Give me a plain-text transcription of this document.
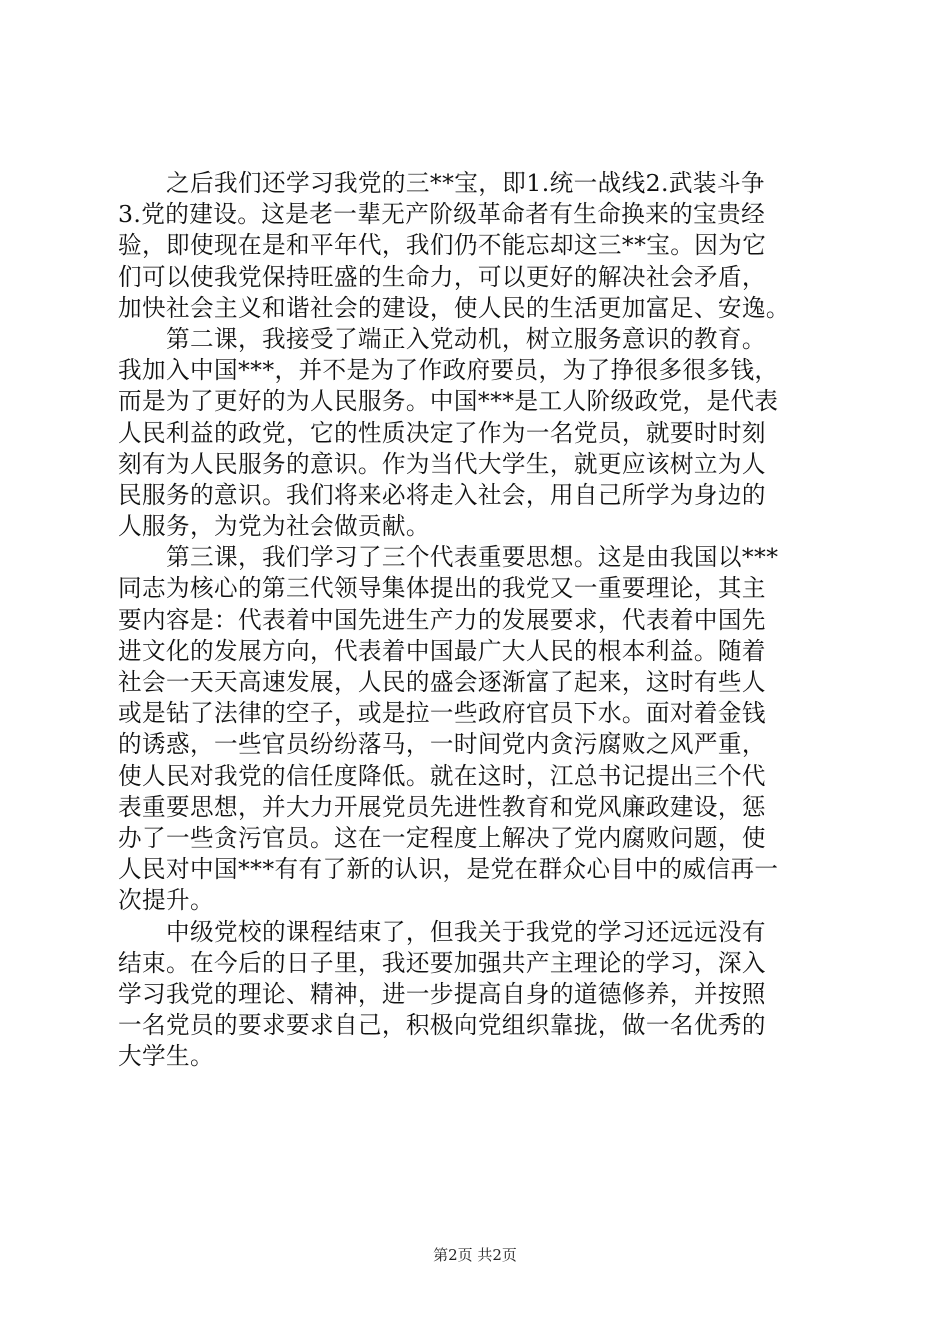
　　之后我们还学习我党的三**宝，即1.统一战线2.武装斗争
3.党的建设。这是老一辈无产阶级革命者有生命换来的宝贵经
验，即使现在是和平年代，我们仍不能忘却这三**宝。因为它
们可以使我党保持旺盛的生命力，可以更好的解决社会矛盾，
加快社会主义和谐社会的建设，使人民的生活更加富足、安逸。
　　第二课，我接受了端正入党动机，树立服务意识的教育。
我加入中国***，并不是为了作政府要员，为了挣很多很多钱，
而是为了更好的为人民服务。中国***是工人阶级政党，是代表
人民利益的政党，它的性质决定了作为一名党员，就要时时刻
刻有为人民服务的意识。作为当代大学生，就更应该树立为人
民服务的意识。我们将来必将走入社会，用自己所学为身边的
人服务，为党为社会做贡献。
　　第三课，我们学习了三个代表重要思想。这是由我国以***
同志为核心的第三代领导集体提出的我党又一重要理论，其主
要内容是：代表着中国先进生产力的发展要求，代表着中国先
进文化的发展方向，代表着中国最广大人民的根本利益。随着
社会一天天高速发展，人民的盛会逐渐富了起来，这时有些人
或是钻了法律的空子，或是拉一些政府官员下水。面对着金钱
的诱惑，一些官员纷纷落马，一时间党内贪污腐败之风严重，
使人民对我党的信任度降低。就在这时，江总书记提出三个代
表重要思想，并大力开展党员先进性教育和党风廉政建设，惩
办了一些贪污官员。这在一定程度上解决了党内腐败问题，使
人民对中国***有有了新的认识，是党在群众心目中的威信再一
次提升。
　　中级党校的课程结束了，但我关于我党的学习还远远没有
结束。在今后的日子里，我还要加强共产主理论的学习，深入
学习我党的理论、精神，进一步提高自身的道德修养，并按照
一名党员的要求要求自己，积极向党组织靠拢，做一名优秀的
大学生。
第2页 共2页
